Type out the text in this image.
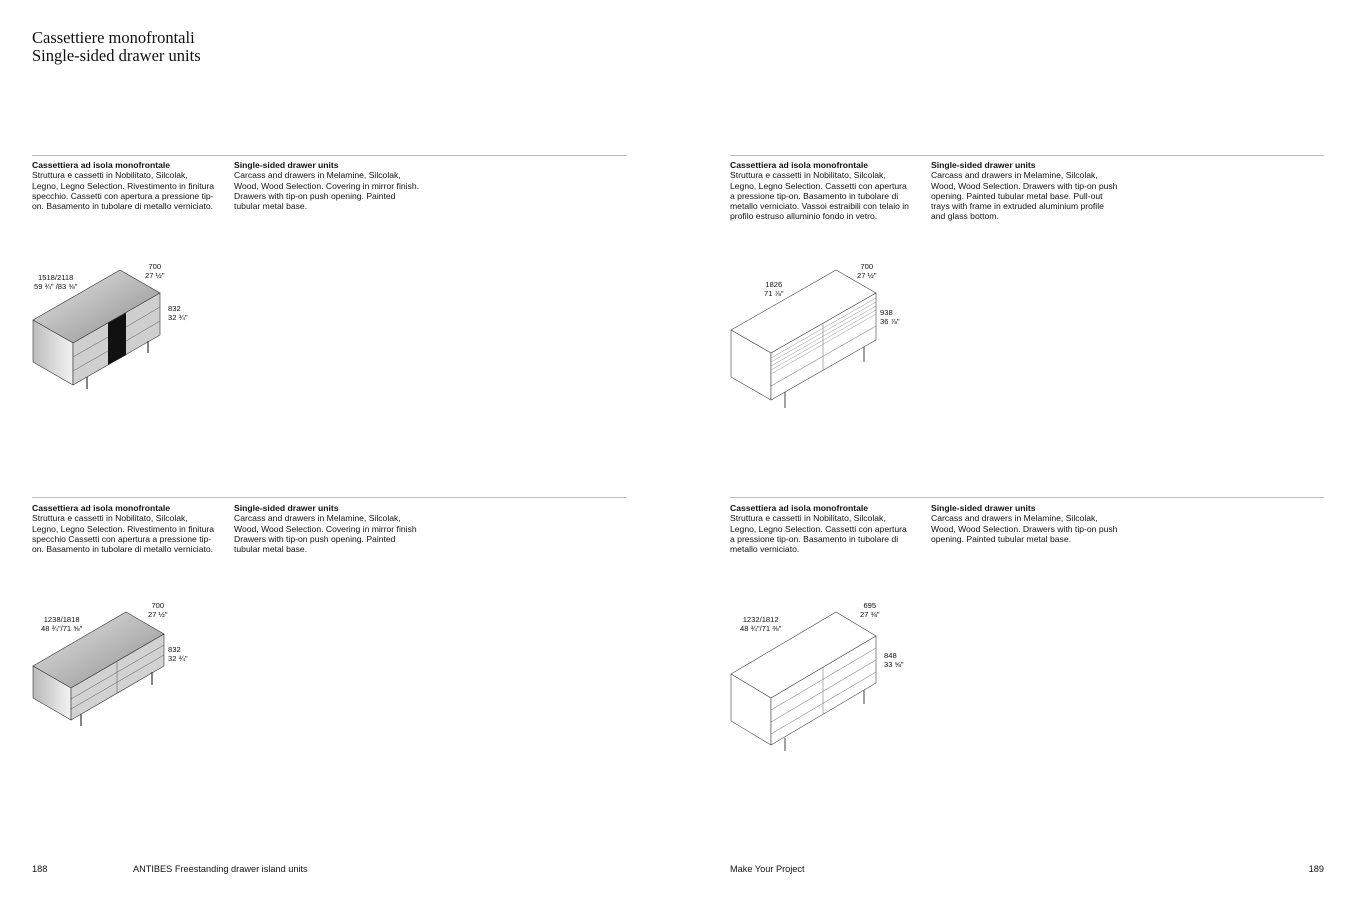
Cassettiere monofrontali
Single-sided drawer units
Cassettiera ad isola monofrontale

Struttura e cassetti in Nobilitato, Silcolak,

Legno, Legno Selection. Rivestimento in finitura

specchio. Cassetti con apertura a pressione tip-

on. Basamento in tubolare di metallo verniciato.

Single-sided drawer units

Carcass and drawers in Melamine, Silcolak,

Wood, Wood Selection. Covering in mirror finish.

Drawers with tip-on push opening. Painted

tubular metal base.

1518/2118
59 ¾" /83 ⅜"
700
27 ½"
832
32 ¾"
Cassettiera ad isola monofrontale

Struttura e cassetti in Nobilitato, Silcolak,

Legno, Legno Selection. Cassetti con apertura

a pressione tip-on. Basamento in tubolare di

metallo verniciato. Vassoi estraibili con telaio in

profilo estruso alluminio fondo in vetro.

Single-sided drawer units

Carcass and drawers in Melamine, Silcolak,

Wood, Wood Selection. Drawers with tip-on push

opening. Painted tubular metal base. Pull-out

trays with frame in extruded aluminium profile

and glass bottom.

1826
71 ⅞"
700
27 ½"
938
36 ⅞"
Cassettiera ad isola monofrontale

Struttura e cassetti in Nobilitato, Silcolak,

Legno, Legno Selection. Rivestimento in finitura

specchio Cassetti con apertura a pressione tip-

on. Basamento in tubolare di metallo verniciato.

Single-sided drawer units

Carcass and drawers in Melamine, Silcolak,

Wood, Wood Selection. Covering in mirror finish

Drawers with tip-on push opening. Painted

tubular metal base.

1238/1818
48 ¾"/71 ⅝"
700
27 ½"
832
32 ¾"
Cassettiera ad isola monofrontale

Struttura e cassetti in Nobilitato, Silcolak,

Legno, Legno Selection. Cassetti con apertura

a pressione tip-on. Basamento in tubolare di

metallo verniciato.

Single-sided drawer units

Carcass and drawers in Melamine, Silcolak,

Wood, Wood Selection. Drawers with tip-on push

opening. Painted tubular metal base.

1232/1812
48 ¾"/71 ⅜"
695
27 ⅜"
848
33 ⅝"
188	ANTIBES Freestanding drawer island units	Make Your Project	189
